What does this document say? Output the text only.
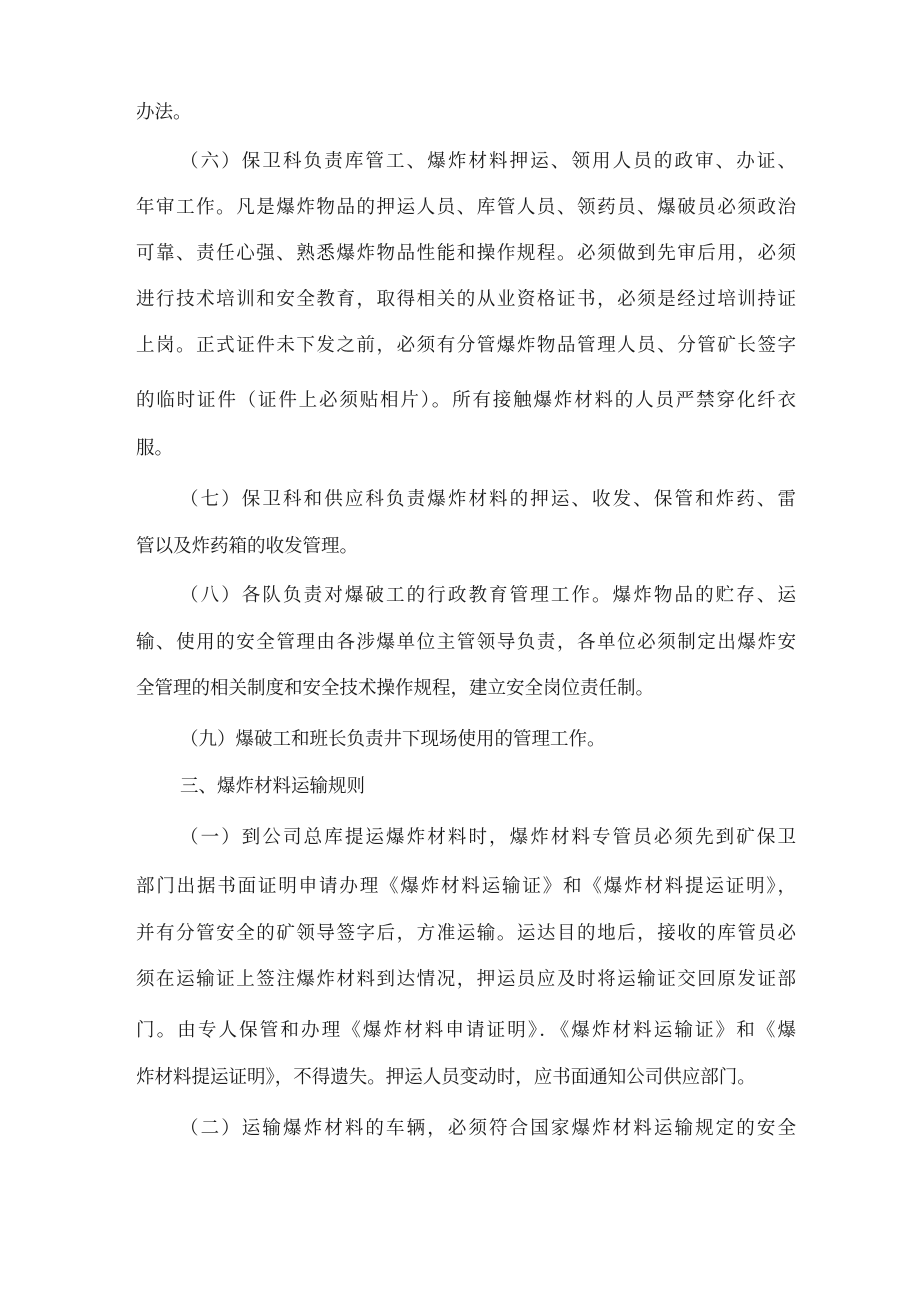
办法。
（六）保卫科负责库管工、爆炸材料押运、领用人员的政审、办证、
年审工作。凡是爆炸物品的押运人员、库管人员、领药员、爆破员必须政治
可靠、责任心强、熟悉爆炸物品性能和操作规程。必须做到先审后用，必须
进行技术培训和安全教育，取得相关的从业资格证书，必须是经过培训持证
上岗。正式证件未下发之前，必须有分管爆炸物品管理人员、分管矿长签字
的临时证件（证件上必须贴相片）。所有接触爆炸材料的人员严禁穿化纤衣
服。
（七）保卫科和供应科负责爆炸材料的押运、收发、保管和炸药、雷
管以及炸药箱的收发管理。
（八）各队负责对爆破工的行政教育管理工作。爆炸物品的贮存、运
输、使用的安全管理由各涉爆单位主管领导负责，各单位必须制定出爆炸安
全管理的相关制度和安全技术操作规程，建立安全岗位责任制。
（九）爆破工和班长负责井下现场使用的管理工作。
三、爆炸材料运输规则
（一）到公司总库提运爆炸材料时，爆炸材料专管员必须先到矿保卫
部门出据书面证明申请办理《爆炸材料运输证》和《爆炸材料提运证明》，
并有分管安全的矿领导签字后，方准运输。运达目的地后，接收的库管员必
须在运输证上签注爆炸材料到达情况，押运员应及时将运输证交回原发证部
门。由专人保管和办理《爆炸材料申请证明》．《爆炸材料运输证》和《爆
炸材料提运证明》，不得遗失。押运人员变动时，应书面通知公司供应部门。
（二）运输爆炸材料的车辆，必须符合国家爆炸材料运输规定的安全
